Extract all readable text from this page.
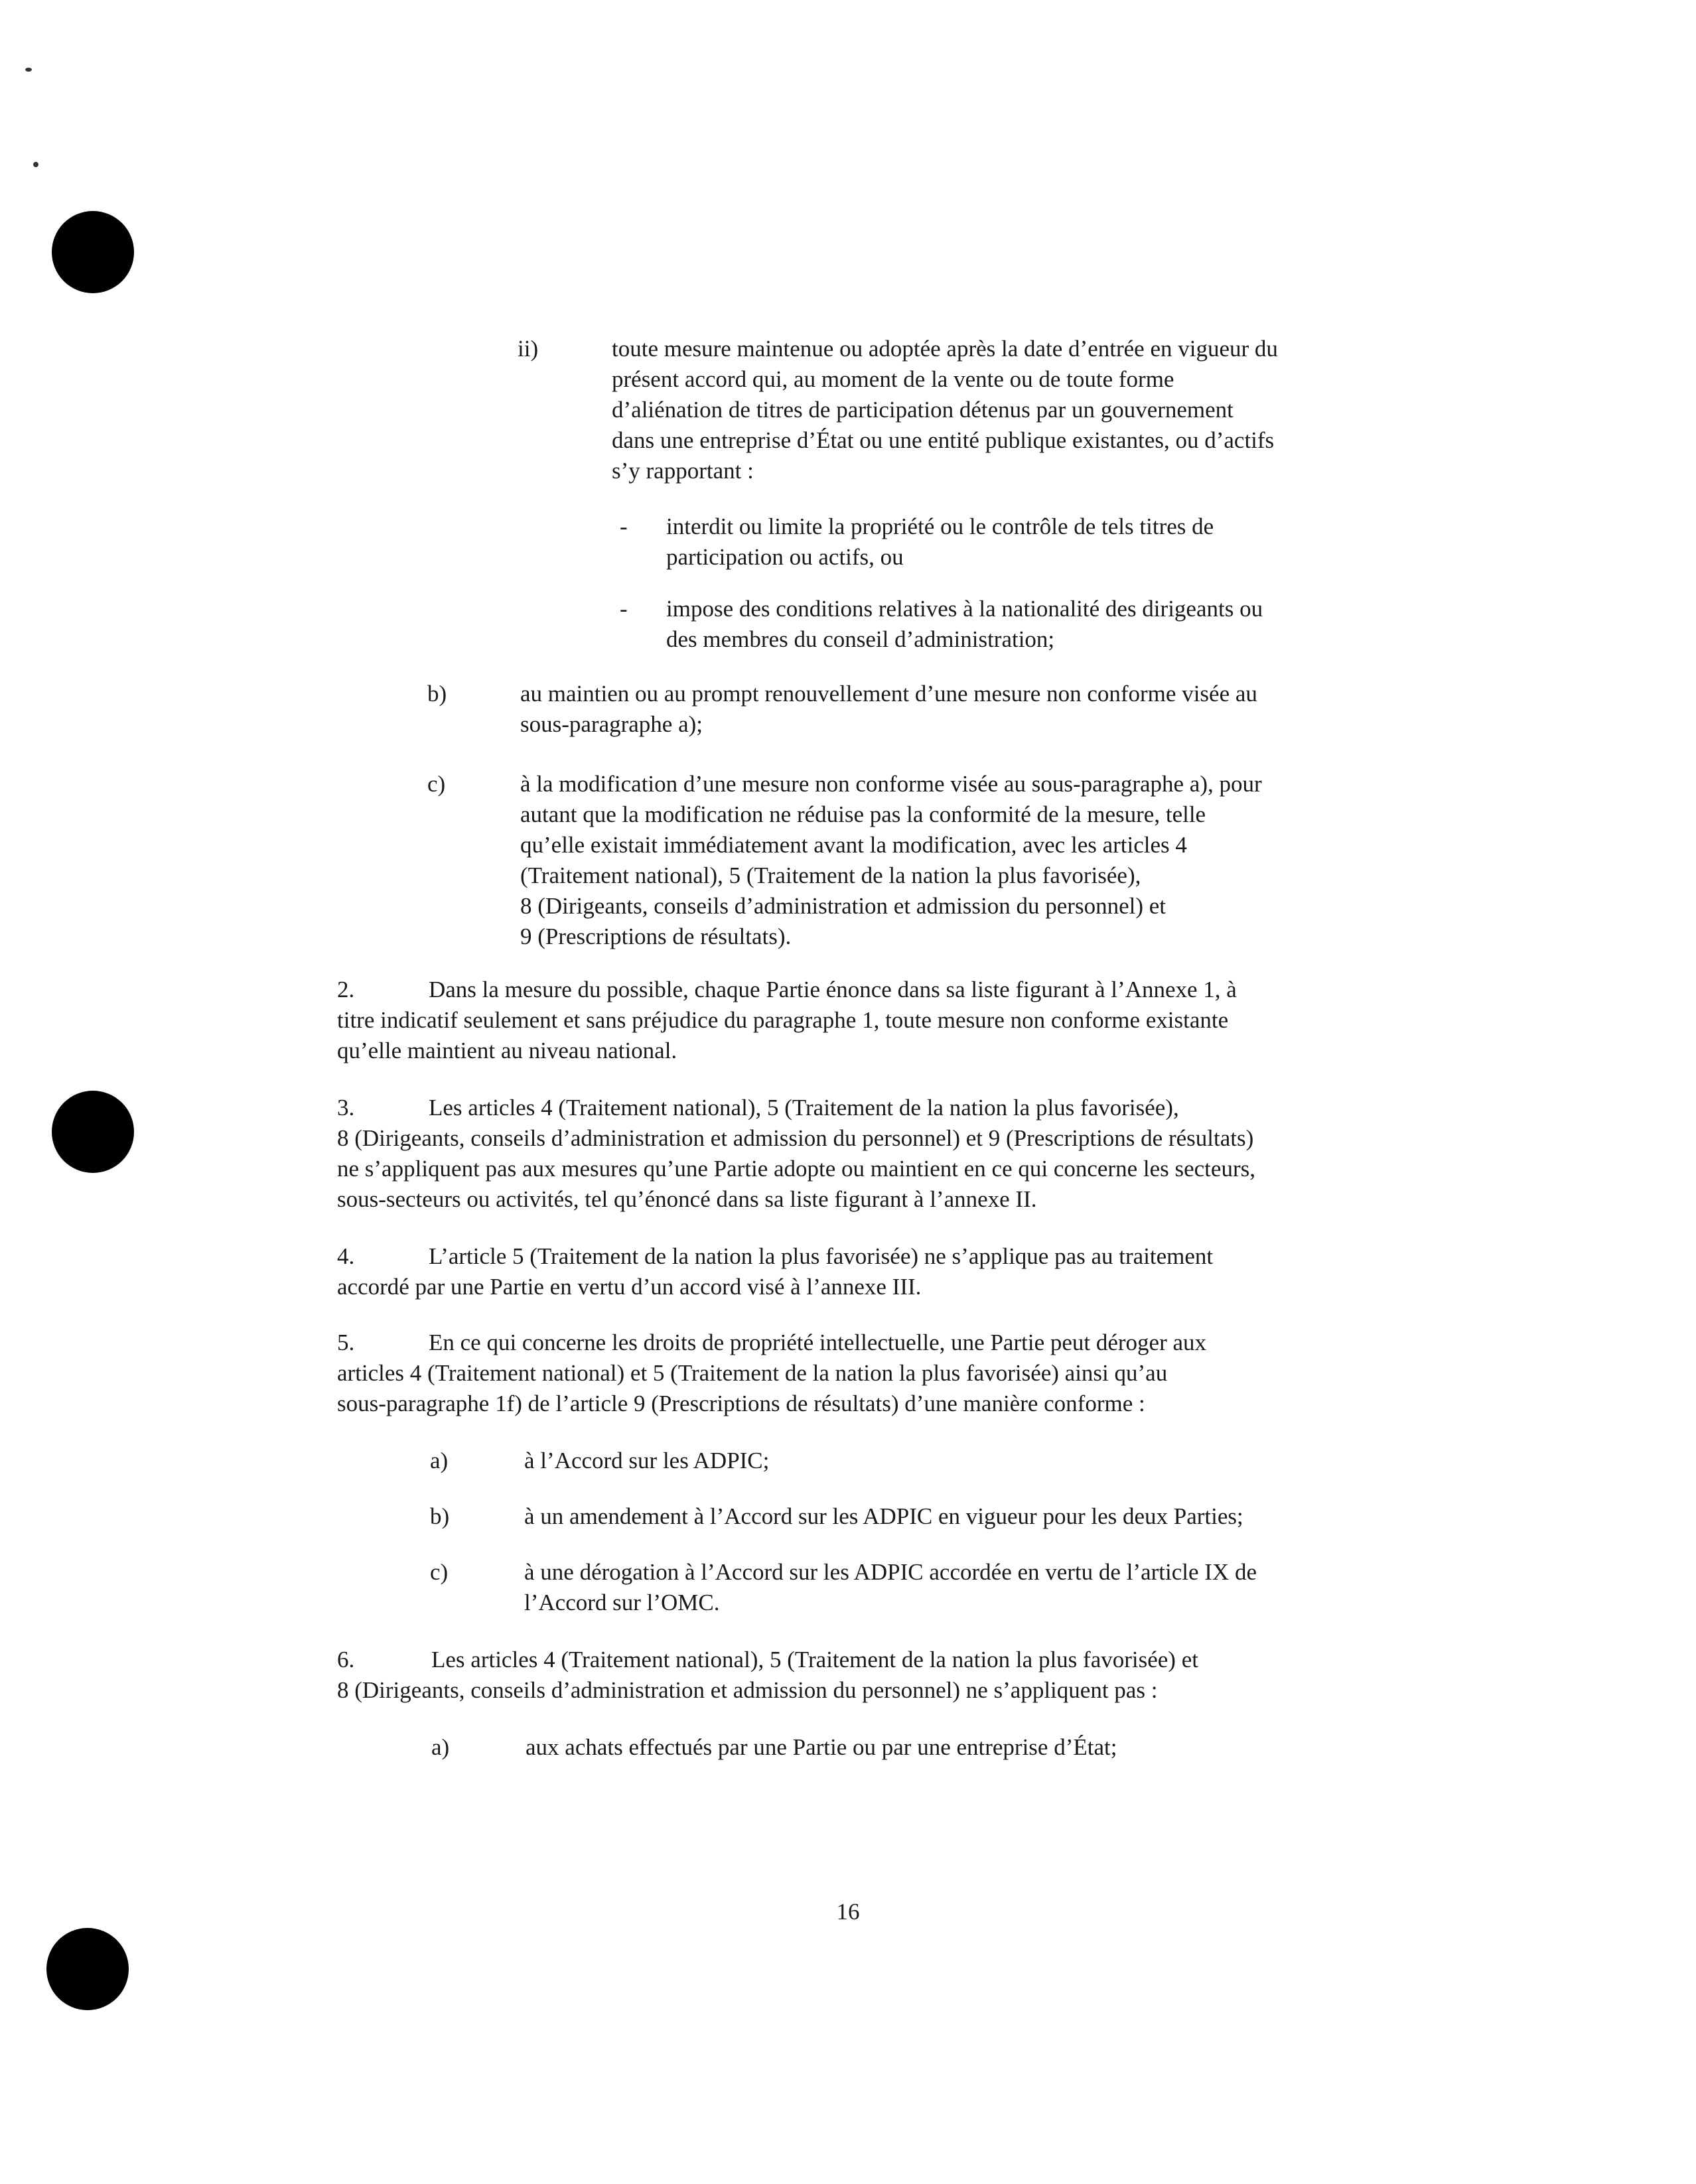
ii)	toute mesure maintenue ou adoptée après la date d’entrée en vigueur du
présent accord qui, au moment de la vente ou de toute forme
d’aliénation de titres de participation détenus par un gouvernement
dans une entreprise d’État ou une entité publique existantes, ou d’actifs
s’y rapportant :
- interdit ou limite la propriété ou le contrôle de tels titres de
participation ou actifs, ou
- impose des conditions relatives à la nationalité des dirigeants ou
des membres du conseil d’administration;
b)	au maintien ou au prompt renouvellement d’une mesure non conforme visée au
sous-paragraphe a);
c)	à la modification d’une mesure non conforme visée au sous-paragraphe a), pour
autant que la modification ne réduise pas la conformité de la mesure, telle
qu’elle existait immédiatement avant la modification, avec les articles 4
(Traitement national), 5 (Traitement de la nation la plus favorisée),
8 (Dirigeants, conseils d’administration et admission du personnel) et
9 (Prescriptions de résultats).
2.	Dans la mesure du possible, chaque Partie énonce dans sa liste figurant à l’Annexe 1, à
titre indicatif seulement et sans préjudice du paragraphe 1, toute mesure non conforme existante
qu’elle maintient au niveau national.
3.	Les articles 4 (Traitement national), 5 (Traitement de la nation la plus favorisée),
8 (Dirigeants, conseils d’administration et admission du personnel) et 9 (Prescriptions de résultats)
ne s’appliquent pas aux mesures qu’une Partie adopte ou maintient en ce qui concerne les secteurs,
sous-secteurs ou activités, tel qu’énoncé dans sa liste figurant à l’annexe II.
4.	L’article 5 (Traitement de la nation la plus favorisée) ne s’applique pas au traitement
accordé par une Partie en vertu d’un accord visé à l’annexe III.
5.	En ce qui concerne les droits de propriété intellectuelle, une Partie peut déroger aux
articles 4 (Traitement national) et 5 (Traitement de la nation la plus favorisée) ainsi qu’au
sous-paragraphe 1f) de l’article 9 (Prescriptions de résultats) d’une manière conforme :
a)	à l’Accord sur les ADPIC;
b)	à un amendement à l’Accord sur les ADPIC en vigueur pour les deux Parties;
c)	à une dérogation à l’Accord sur les ADPIC accordée en vertu de l’article IX de
l’Accord sur l’OMC.
6.	Les articles 4 (Traitement national), 5 (Traitement de la nation la plus favorisée) et
8 (Dirigeants, conseils d’administration et admission du personnel) ne s’appliquent pas :
a)	aux achats effectués par une Partie ou par une entreprise d’État;
16
